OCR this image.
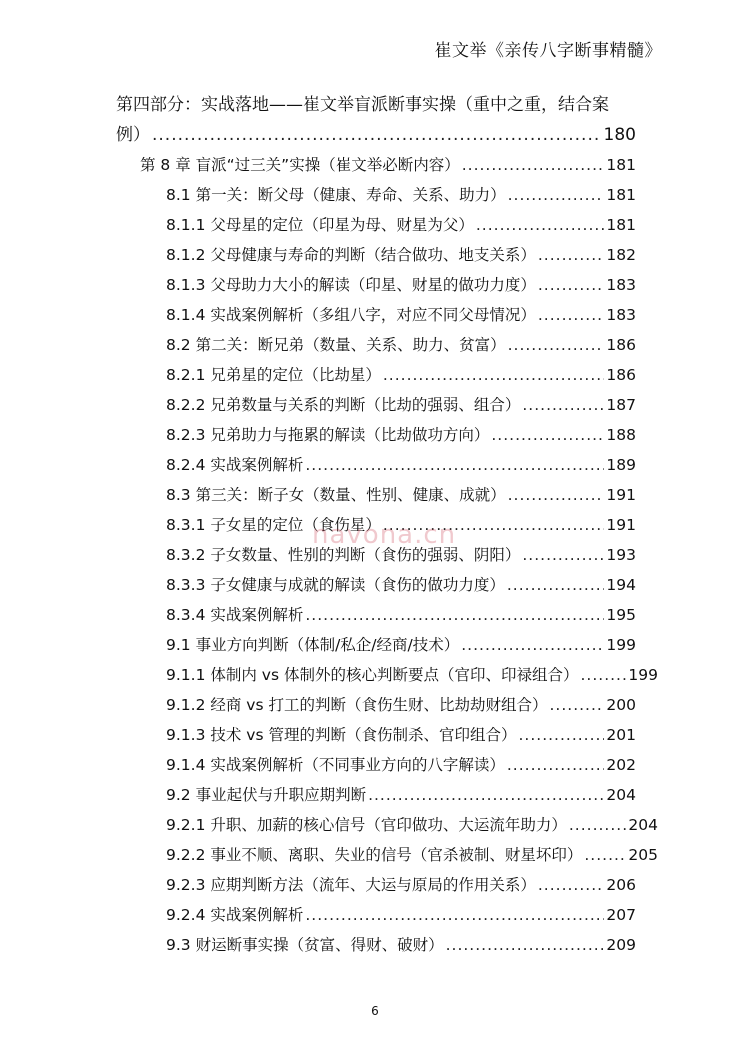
崔文举《亲传八字断事精髓》
第四部分：实战落地——崔文举盲派断事实操（重中之重，结合案
例） .....	180
第 8 章 盲派“过三关”实操（崔文举必断内容） .....	181
8.1 第一关：断父母（健康、寿命、关系、助力） .....	181
8.1.1 父母星的定位（印星为母、财星为父） .....	181
8.1.2 父母健康与寿命的判断（结合做功、地支关系） .....	182
8.1.3 父母助力大小的解读（印星、财星的做功力度） .....	183
8.1.4 实战案例解析（多组八字，对应不同父母情况） .....	183
8.2 第二关：断兄弟（数量、关系、助力、贫富） .....	186
8.2.1 兄弟星的定位（比劫星） .....	186
8.2.2 兄弟数量与关系的判断（比劫的强弱、组合） .....	187
8.2.3 兄弟助力与拖累的解读（比劫做功方向） .....	188
8.2.4 实战案例解析 .....	189
8.3 第三关：断子女（数量、性别、健康、成就） .....	191
8.3.1 子女星的定位（食伤星） .....	191
8.3.2 子女数量、性别的判断（食伤的强弱、阴阳） .....	193
8.3.3 子女健康与成就的解读（食伤的做功力度） .....	194
8.3.4 实战案例解析 .....	195
9.1 事业方向判断（体制/私企/经商/技术） .....	199
9.1.1 体制内 vs 体制外的核心判断要点（官印、印禄组合） .....	199
9.1.2 经商 vs 打工的判断（食伤生财、比劫劫财组合） .....	200
9.1.3 技术 vs 管理的判断（食伤制杀、官印组合） .....	201
9.1.4 实战案例解析（不同事业方向的八字解读） .....	202
9.2 事业起伏与升职应期判断 .....	204
9.2.1 升职、加薪的核心信号（官印做功、大运流年助力） .....	204
9.2.2 事业不顺、离职、失业的信号（官杀被制、财星坏印） .....	205
9.2.3 应期判断方法（流年、大运与原局的作用关系） .....	206
9.2.4 实战案例解析 .....	207
9.3 财运断事实操（贫富、得财、破财） .....	209
navona.cn
6
